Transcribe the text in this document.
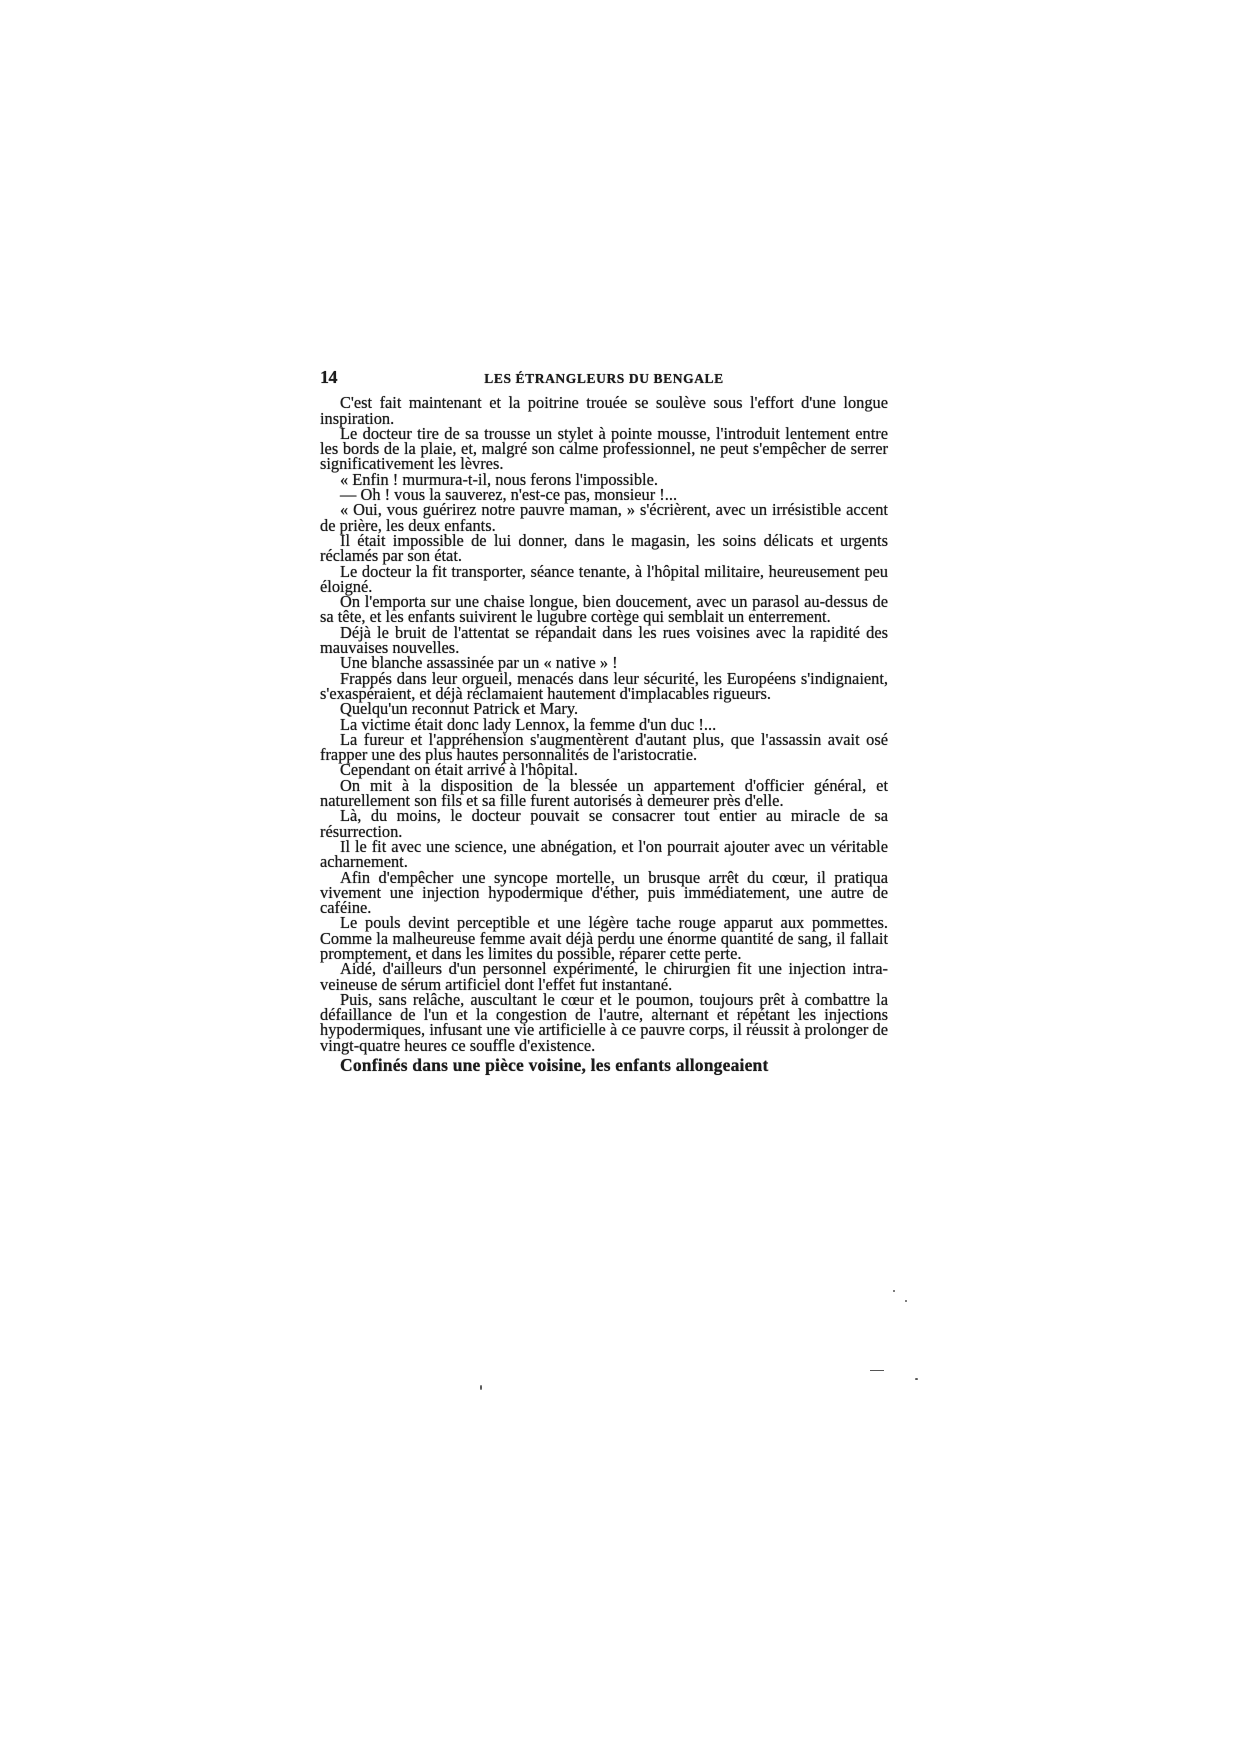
14	LES ÉTRANGLEURS DU BENGALE

C'est fait maintenant et la poitrine trouée se soulève sous l'effort d'une longue inspiration.

Le docteur tire de sa trousse un stylet à pointe mousse, l'introduit lentement entre les bords de la plaie, et, malgré son calme professionnel, ne peut s'empêcher de serrer significativement les lèvres.

« Enfin ! murmura-t-il, nous ferons l'impossible.

— Oh ! vous la sauverez, n'est-ce pas, monsieur !...

« Oui, vous guérirez notre pauvre maman, » s'écrièrent, avec un irrésistible accent de prière, les deux enfants.

Il était impossible de lui donner, dans le magasin, les soins délicats et urgents réclamés par son état.

Le docteur la fit transporter, séance tenante, à l'hôpital militaire, heureusement peu éloigné.

On l'emporta sur une chaise longue, bien doucement, avec un parasol au-dessus de sa tête, et les enfants suivirent le lugubre cortège qui semblait un enterrement.

Déjà le bruit de l'attentat se répandait dans les rues voisines avec la rapidité des mauvaises nouvelles.

Une blanche assassinée par un « native » !

Frappés dans leur orgueil, menacés dans leur sécurité, les Européens s'indignaient, s'exaspéraient, et déjà réclamaient hautement d'implacables rigueurs.

Quelqu'un reconnut Patrick et Mary.

La victime était donc lady Lennox, la femme d'un duc !...

La fureur et l'appréhension s'augmentèrent d'autant plus, que l'assassin avait osé frapper une des plus hautes personnalités de l'aristocratie.

Cependant on était arrivé à l'hôpital.

On mit à la disposition de la blessée un appartement d'officier général, et naturellement son fils et sa fille furent autorisés à demeurer près d'elle.

Là, du moins, le docteur pouvait se consacrer tout entier au miracle de sa résurrection.

Il le fit avec une science, une abnégation, et l'on pourrait ajouter avec un véritable acharnement.

Afin d'empêcher une syncope mortelle, un brusque arrêt du cœur, il pratiqua vivement une injection hypodermique d'éther, puis immédiatement, une autre de caféine.

Le pouls devint perceptible et une légère tache rouge apparut aux pommettes. Comme la malheureuse femme avait déjà perdu une énorme quantité de sang, il fallait promptement, et dans les limites du possible, réparer cette perte.

Aidé, d'ailleurs d'un personnel expérimenté, le chirurgien fit une injection intra-veineuse de sérum artificiel dont l'effet fut instantané.

Puis, sans relâche, auscultant le cœur et le poumon, toujours prêt à combattre la défaillance de l'un et la congestion de l'autre, alternant et répétant les injections hypodermiques, infusant une vie artificielle à ce pauvre corps, il réussit à prolonger de vingt-quatre heures ce souffle d'existence.

Confinés dans une pièce voisine, les enfants allongeaient
